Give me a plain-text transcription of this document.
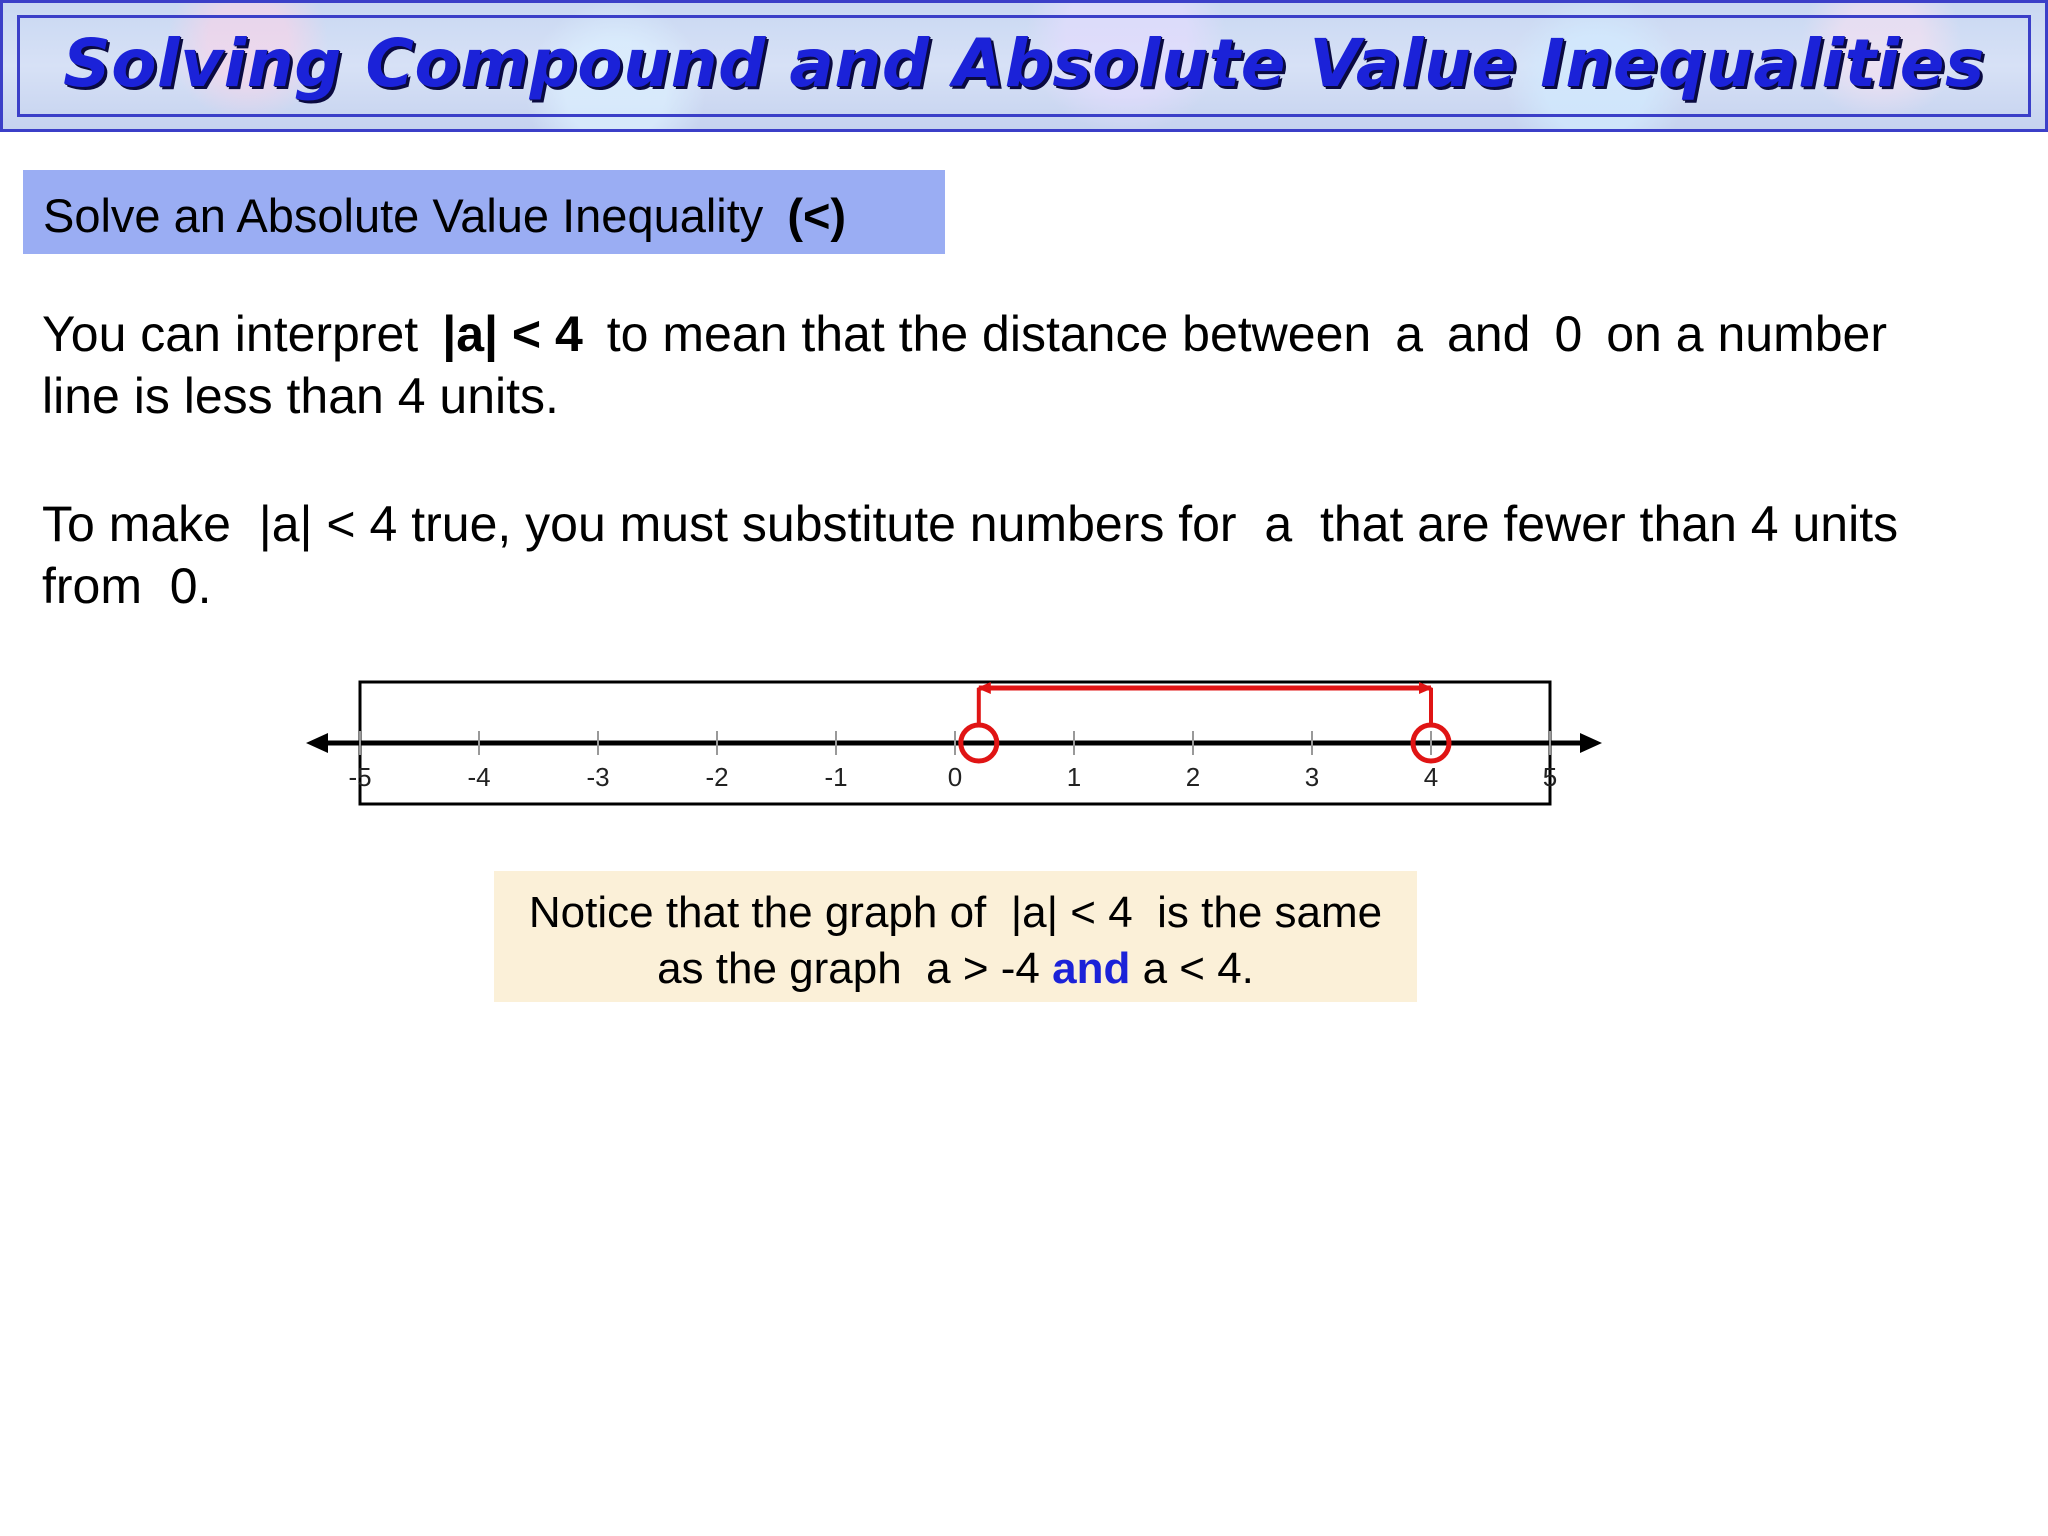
Solving Compound and Absolute Value Inequalities
Solve an Absolute Value Inequality (<)
You can interpret |a| < 4 to mean that the distance between a and 0 on a number
line is less than 4 units.
To make  |a| < 4 true, you must substitute numbers for  a  that are fewer than 4 units
from  0.
-5	-4	-3	-2	-1	0	1	2	3	4	5
Notice that the graph of  |a| < 4  is the same
as the graph  a > -4 and a < 4.
